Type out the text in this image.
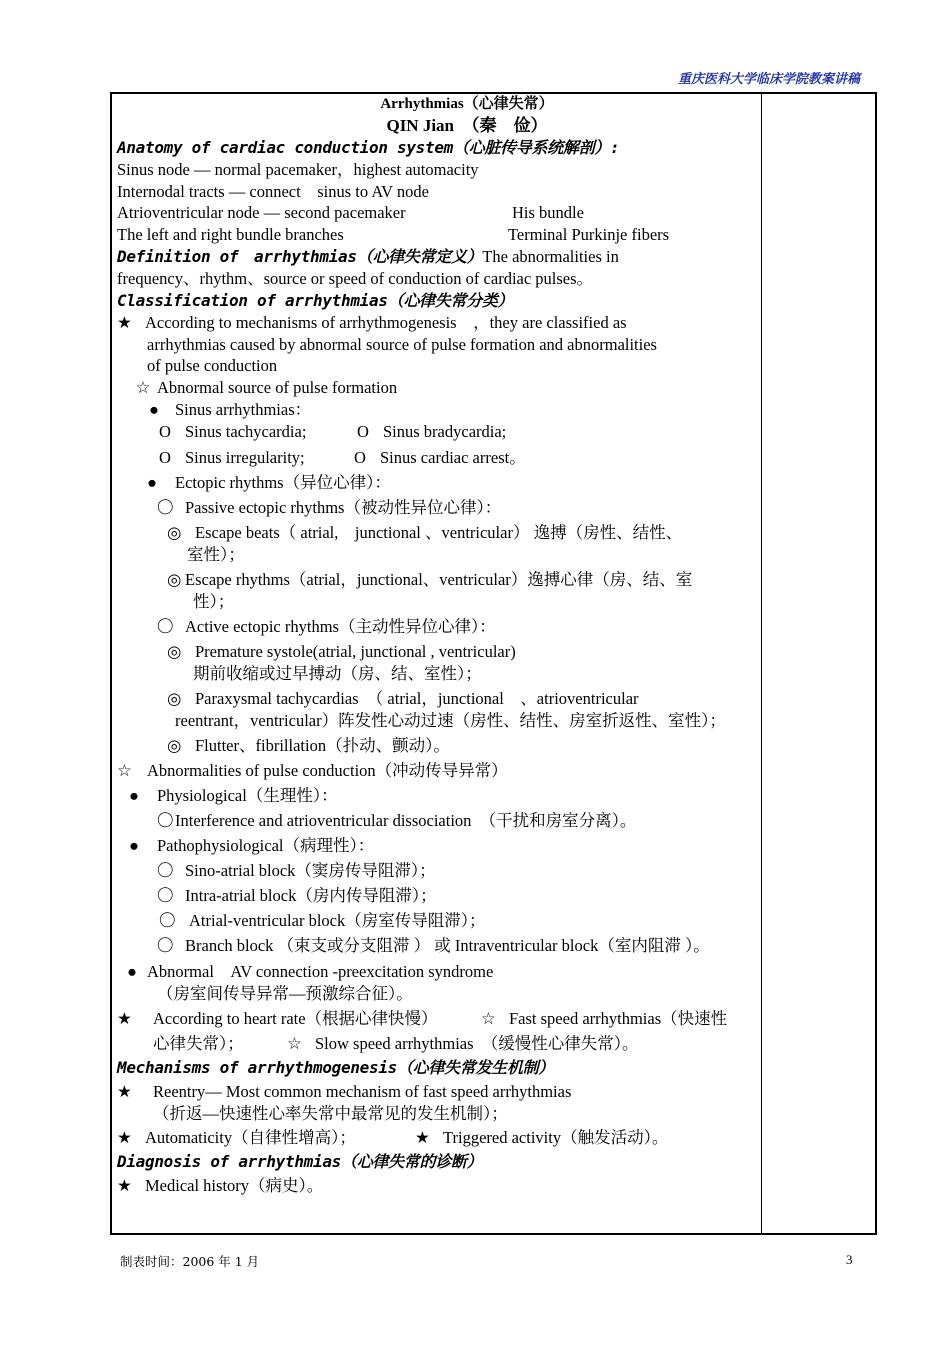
重庆医科大学临床学院教案讲稿
Arrhythmias（心律失常）
QIN Jian　（秦　俭）
Anatomy of cardiac conduction system（心脏传导系统解剖）:
Sinus node — normal pacemaker，highest automacity
Internodal tracts — connect　sinus to AV node
Atrioventricular node — second pacemaker	His bundle
The left and right bundle branches	Terminal Purkinje fibers
Definition of　arrhythmias（心律失常定义）The abnormalities in
frequency、rhythm、source or speed of conduction of cardiac pulses。
Classification of arrhythmias（心律失常分类）
★ According to mechanisms of arrhythmogenesis　，they are classified as
arrhythmias caused by abnormal source of pulse formation and abnormalities
of pulse conduction
☆ Abnormal source of pulse formation
● Sinus arrhythmias：
O Sinus tachycardia;	O Sinus bradycardia;
O Sinus irregularity;	O Sinus cardiac arrest。
● Ectopic rhythms（异位心律）：
〇 Passive ectopic rhythms（被动性异位心律）：
◎ Escape beats（ atrial,　junctional 、ventricular） 逸搏（房性、结性、
室性）；
◎ Escape rhythms（atrial，junctional、ventricular）逸搏心律（房、结、室
性）；
〇 Active ectopic rhythms（主动性异位心律）：
◎ Premature systole(atrial, junctional , ventricular)
期前收缩或过早搏动（房、结、室性）；
◎ Paraxysmal tachycardias　（ atrial，junctional　、atrioventricular
reentrant，ventricular）阵发性心动过速（房性、结性、房室折返性、室性）；
◎ Flutter、fibrillation（扑动、颤动）。
☆ Abnormalities of pulse conduction（冲动传导异常）
● Physiological（生理性）：
〇Interference and atrioventricular dissociation　（干扰和房室分离）。
● Pathophysiological（病理性）：
〇 Sino-atrial block（窦房传导阻滞）；
〇 Intra-atrial block（房内传导阻滞）；
〇 Atrial-ventricular block（房室传导阻滞）；
〇 Branch block （束支或分支阻滞 ） 或 Intraventricular block（室内阻滞 ）。
● Abnormal　AV connection -preexcitation syndrome
（房室间传导异常—预激综合征）。
★ According to heart rate（根据心律快慢）	☆ Fast speed arrhythmias（快速性
心律失常）；	☆ Slow speed arrhythmias　（缓慢性心律失常）。
Mechanisms of arrhythmogenesis（心律失常发生机制）
★ Reentry— Most common mechanism of fast speed arrhythmias
（折返—快速性心率失常中最常见的发生机制）；
★ Automaticity（自律性增高）；	★ Triggered activity（触发活动）。
Diagnosis of arrhythmias（心律失常的诊断）
★ Medical history（病史）。
制表时间：2006 年 1 月	3
